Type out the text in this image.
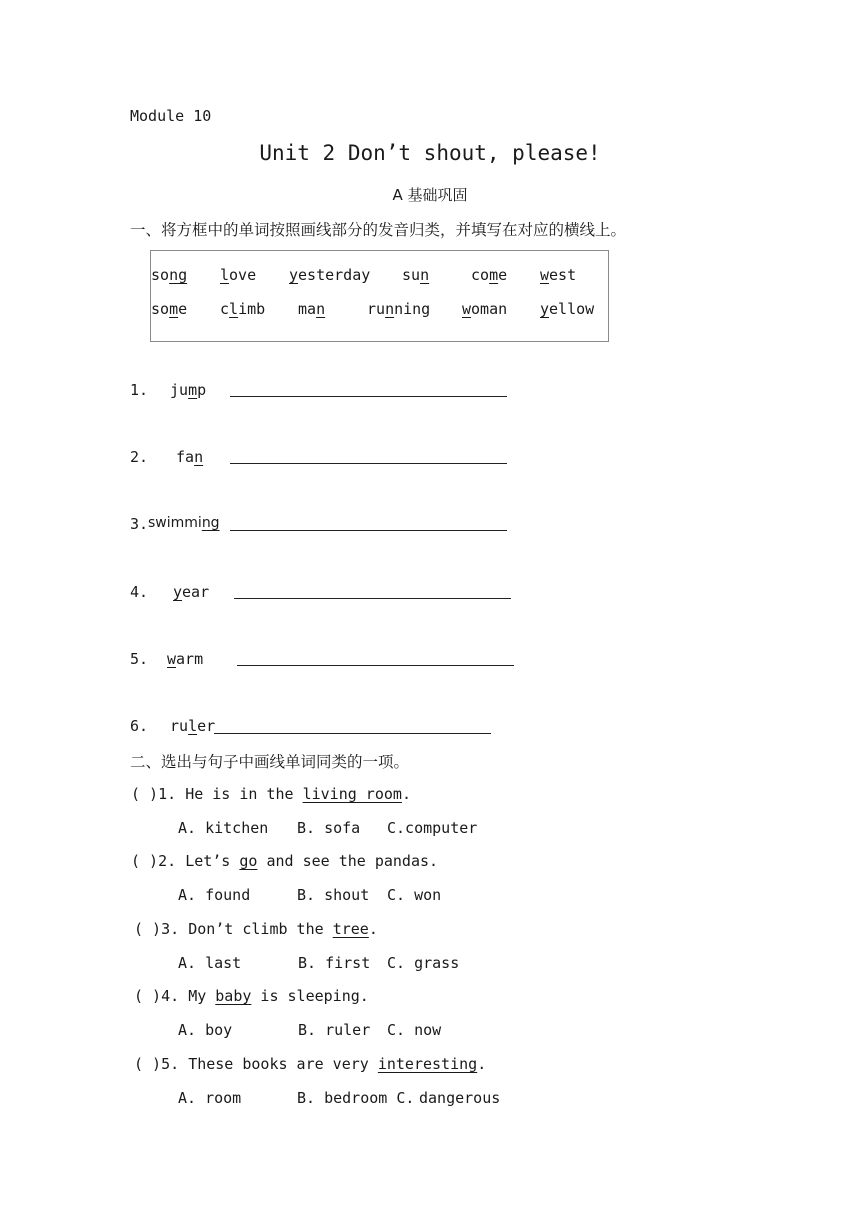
Module 10
Unit 2 Don’t shout, please!
A 基础巩固
一、将方框中的单词按照画线部分的发音归类，并填写在对应的横线上。
song love yesterday sun	come west
some climb man	running woman yellow
1. jump
2. fan
3. swimming
4. year
5. warm
6. ruler
二、选出与句子中画线单词同类的一项。
( )1. He is in the living room.
A. kitchen B. sofa C.computer
( )2. Let’s go and see the pandas.
A. found	B. shout C. won
( )3. Don’t climb the tree.
A. last	B. first C. grass
( )4. My baby is sleeping.
A. boy	B. ruler C. now
( )5. These books are very interesting.
A. room	B. bedroom C. dangerous
